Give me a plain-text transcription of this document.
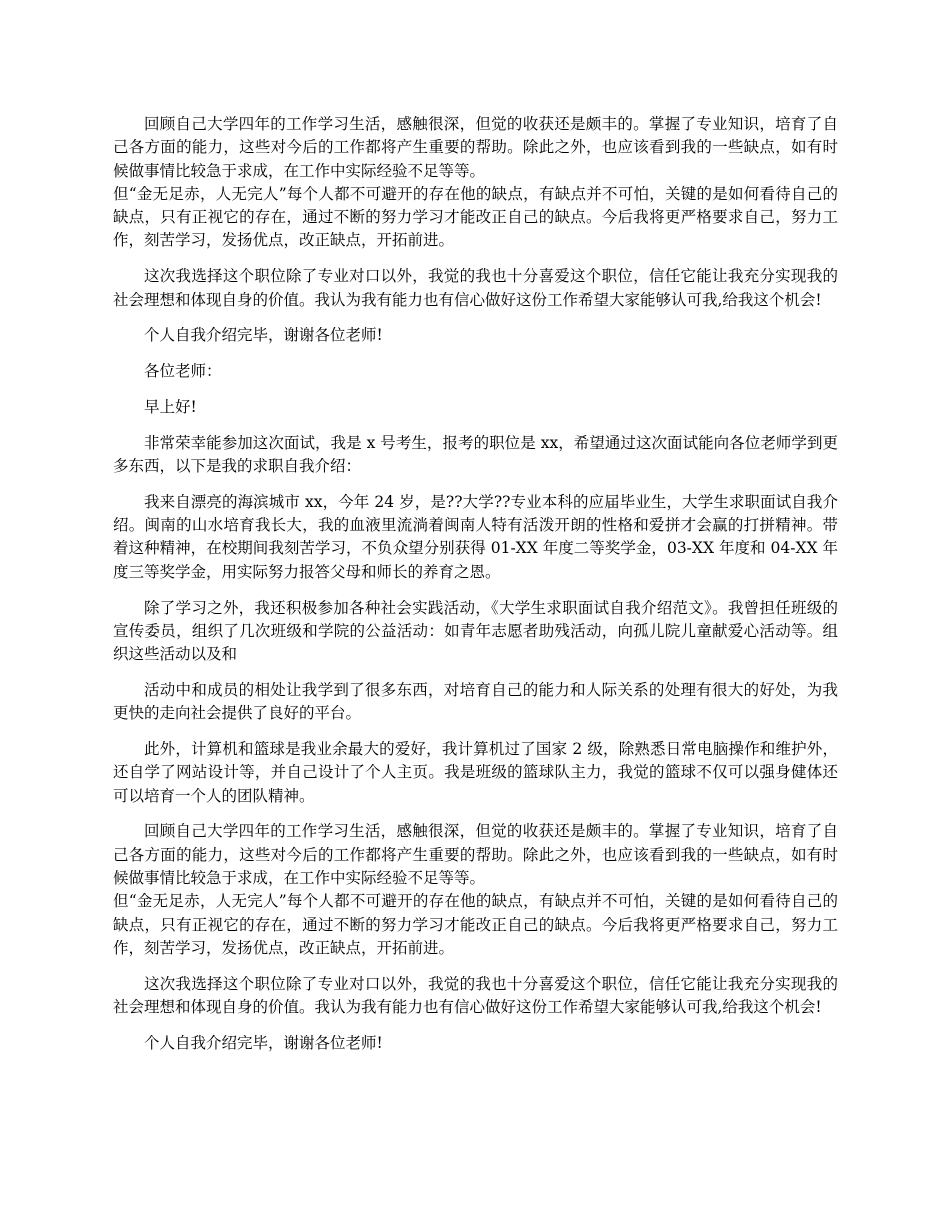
回顾自己大学四年的工作学习生活，感触很深，但觉的收获还是颇丰的。掌握了专业知识，培育了自己各方面的能力，这些对今后的工作都将产生重要的帮助。除此之外，也应该看到我的一些缺点，如有时候做事情比较急于求成，在工作中实际经验不足等等。

但“金无足赤，人无完人”每个人都不可避开的存在他的缺点，有缺点并不可怕，关键的是如何看待自己的缺点，只有正视它的存在，通过不断的努力学习才能改正自己的缺点。今后我将更严格要求自己，努力工作，刻苦学习，发扬优点，改正缺点，开拓前进。

这次我选择这个职位除了专业对口以外，我觉的我也十分喜爱这个职位，信任它能让我充分实现我的社会理想和体现自身的价值。我认为我有能力也有信心做好这份工作希望大家能够认可我,给我这个机会!

个人自我介绍完毕，谢谢各位老师!

各位老师：

早上好!

非常荣幸能参加这次面试，我是 x 号考生，报考的职位是 xx，希望通过这次面试能向各位老师学到更多东西，以下是我的求职自我介绍：

我来自漂亮的海滨城市 xx，今年 24 岁，是??大学??专业本科的应届毕业生，大学生求职面试自我介绍。闽南的山水培育我长大，我的血液里流淌着闽南人特有活泼开朗的性格和爱拼才会赢的打拼精神。带着这种精神，在校期间我刻苦学习，不负众望分别获得 01-XX 年度二等奖学金，03-XX 年度和 04-XX 年度三等奖学金，用实际努力报答父母和师长的养育之恩。

除了学习之外，我还积极参加各种社会实践活动，《大学生求职面试自我介绍范文》。我曾担任班级的宣传委员，组织了几次班级和学院的公益活动：如青年志愿者助残活动，向孤儿院儿童献爱心活动等。组织这些活动以及和

活动中和成员的相处让我学到了很多东西，对培育自己的能力和人际关系的处理有很大的好处，为我更快的走向社会提供了良好的平台。

此外，计算机和篮球是我业余最大的爱好，我计算机过了国家 2 级，除熟悉日常电脑操作和维护外，还自学了网站设计等，并自己设计了个人主页。我是班级的篮球队主力，我觉的篮球不仅可以强身健体还可以培育一个人的团队精神。

回顾自己大学四年的工作学习生活，感触很深，但觉的收获还是颇丰的。掌握了专业知识，培育了自己各方面的能力，这些对今后的工作都将产生重要的帮助。除此之外，也应该看到我的一些缺点，如有时候做事情比较急于求成，在工作中实际经验不足等等。

但“金无足赤，人无完人”每个人都不可避开的存在他的缺点，有缺点并不可怕，关键的是如何看待自己的缺点，只有正视它的存在，通过不断的努力学习才能改正自己的缺点。今后我将更严格要求自己，努力工作，刻苦学习，发扬优点，改正缺点，开拓前进。

这次我选择这个职位除了专业对口以外，我觉的我也十分喜爱这个职位，信任它能让我充分实现我的社会理想和体现自身的价值。我认为我有能力也有信心做好这份工作希望大家能够认可我,给我这个机会!

个人自我介绍完毕，谢谢各位老师!
